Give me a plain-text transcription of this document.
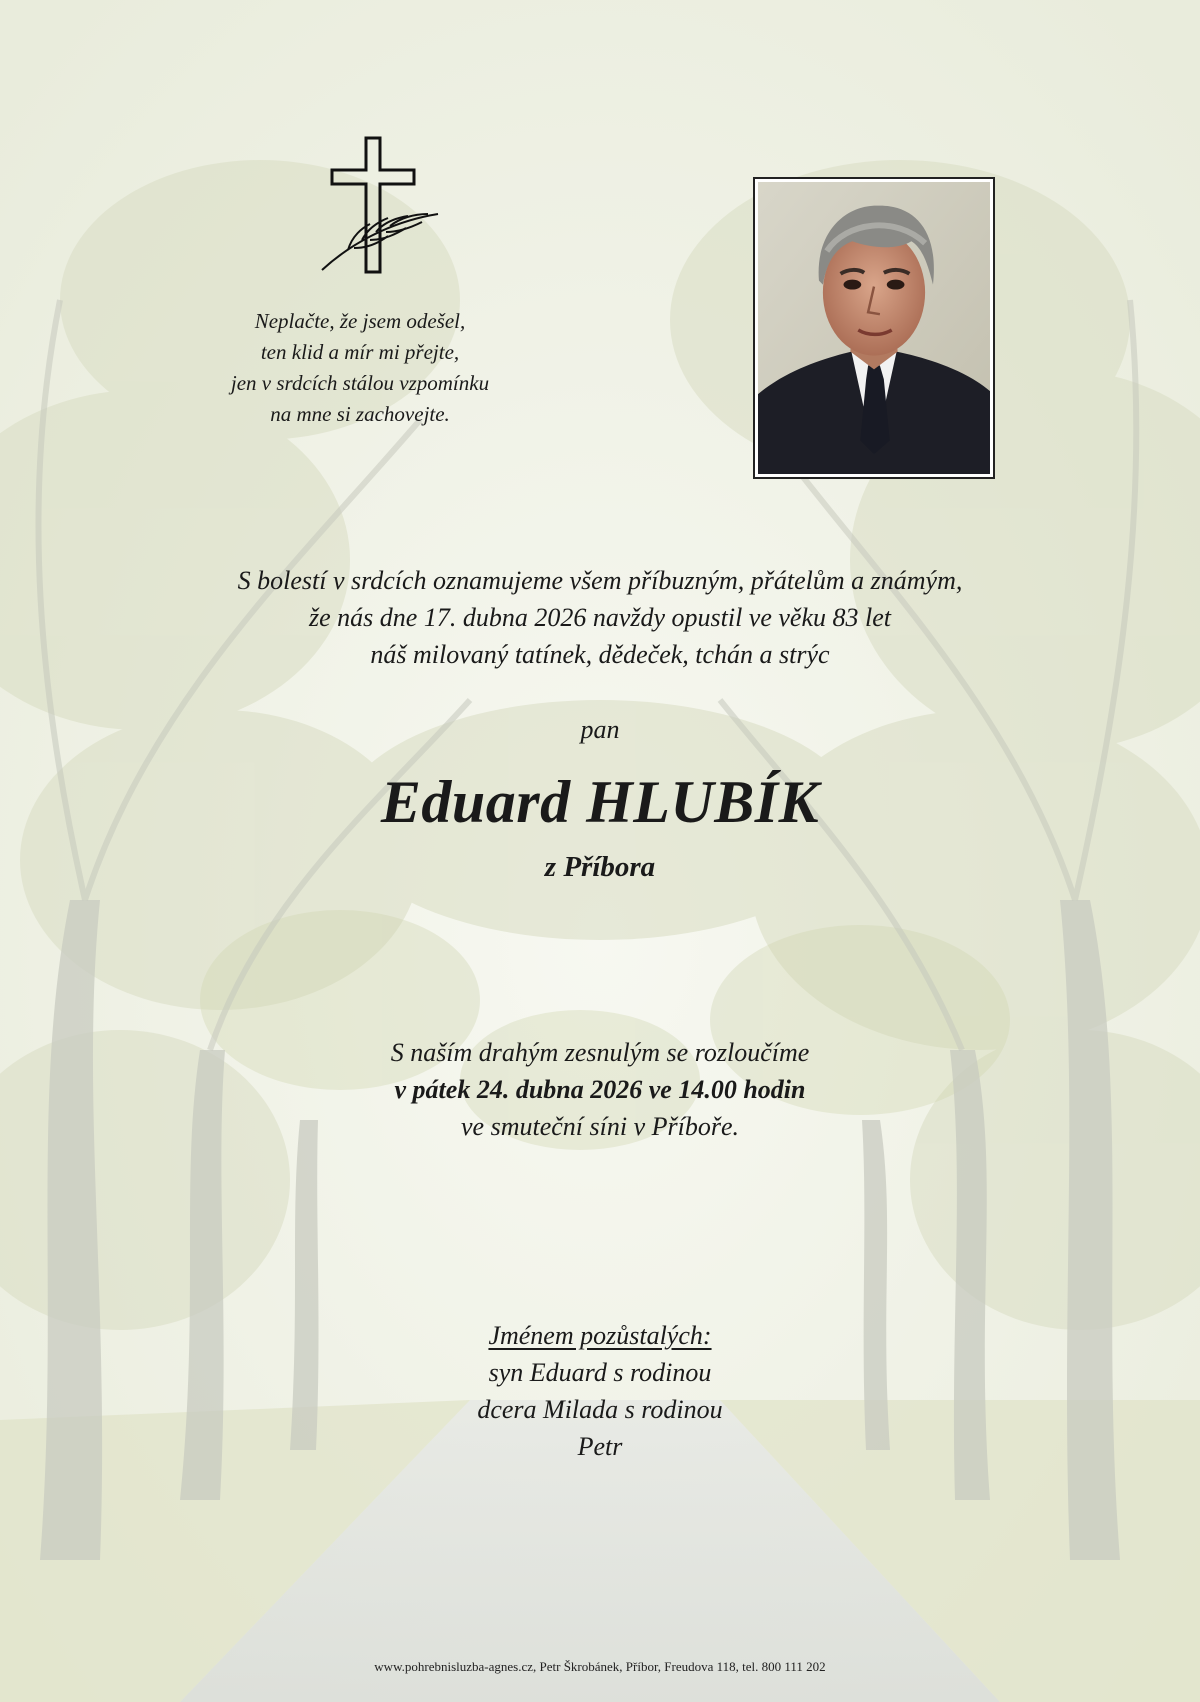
Neplačte, že jsem odešel,
ten klid a mír mi přejte,
jen v srdcích stálou vzpomínku
na mne si zachovejte.
S bolestí v srdcích oznamujeme všem příbuzným, přátelům a známým,
že nás dne 17. dubna 2026 navždy opustil ve věku 83 let
náš milovaný tatínek, dědeček, tchán a strýc
pan
Eduard HLUBÍK
z Příbora
S naším drahým zesnulým se rozloučíme
v pátek 24. dubna 2026 ve 14.00 hodin
ve smuteční síni v Příboře.
Jménem pozůstalých:
syn Eduard s rodinou
dcera Milada s rodinou
Petr
www.pohrebnisluzba-agnes.cz, Petr Škrobánek, Příbor, Freudova 118, tel. 800 111 202
